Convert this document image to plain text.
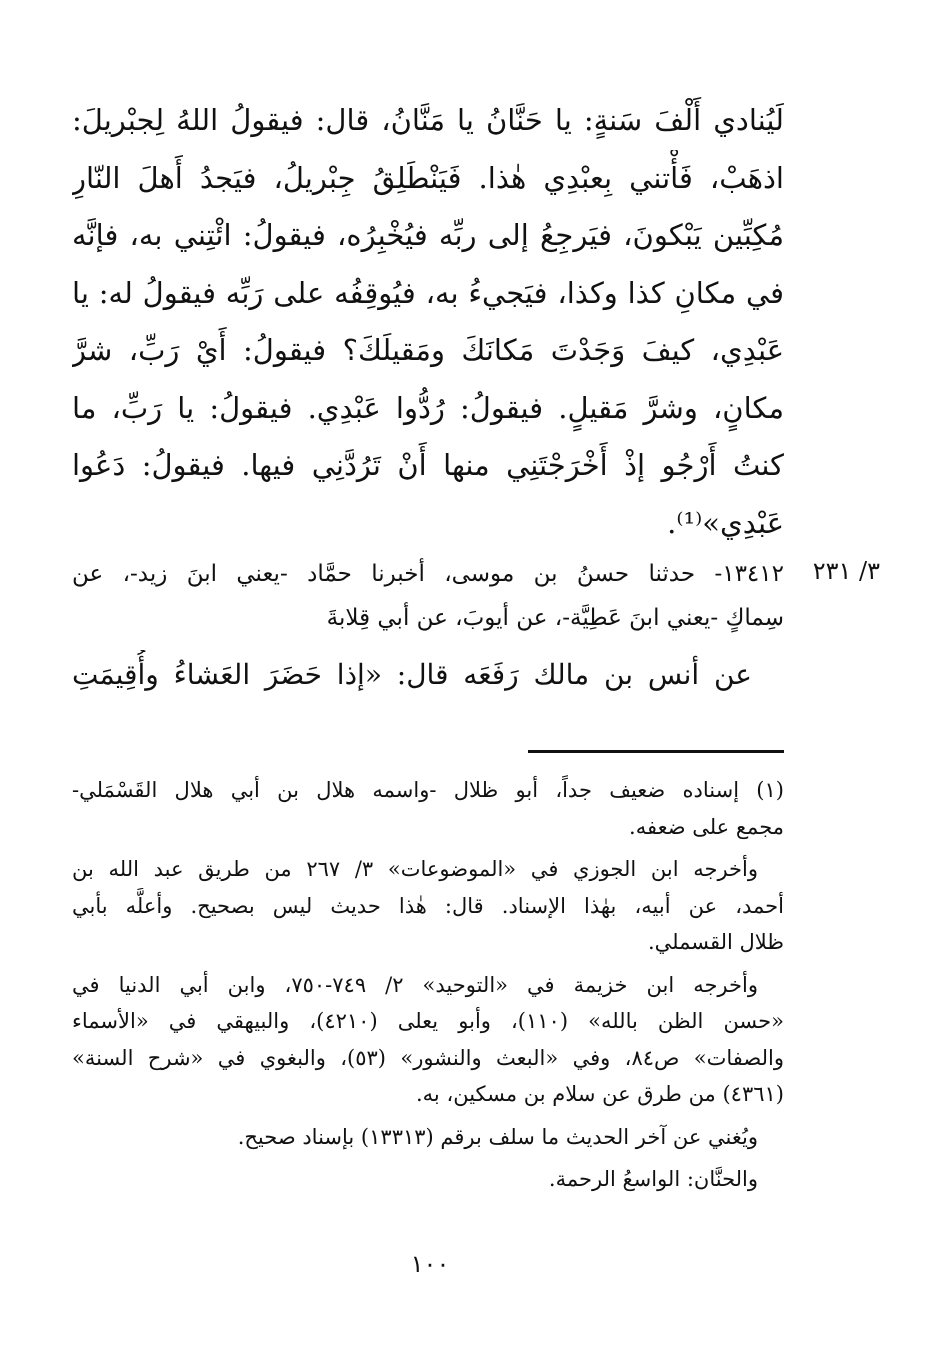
لَيُنادي أَلْفَ سَنةٍ: يا حَنَّانُ يا مَنَّانُ، قال: فيقولُ اللهُ لِجبْريلَ:
اذهَبْ، فَأْتني بِعبْدِي هٰذا. فَيَنْطَلِقُ جِبْريلُ، فيَجدُ أَهلَ النّارِ
مُكِبِّين يَبْكونَ، فيَرجِعُ إلى ربِّه فيُخْبِرُه، فيقولُ: ائْتِني به، فإنَّه
في مكانِ كذا وكذا، فيَجيءُ به، فيُوقِفُه على رَبِّه فيقولُ له: يا
عَبْدِي، كيفَ وَجَدْتَ مَكانَكَ ومَقيلَكَ؟ فيقولُ: أَيْ رَبِّ، شرَّ
مكانٍ، وشرَّ مَقيلٍ. فيقولُ: رُدُّوا عَبْدِي. فيقولُ: يا رَبِّ، ما
كنتُ أَرْجُو إذْ أَخْرَجْتَنِي منها أَنْ تَرُدَّنِي فيها. فيقولُ: دَعُوا
عَبْدِي»⁽¹⁾.
٣/ ٢٣١
١٣٤١٢- حدثنا حسنُ بن موسى، أخبرنا حمَّاد -يعني ابنَ زيد-، عن
سِماكٍ -يعني ابنَ عَطِيَّة-، عن أيوبَ، عن أبي قِلابةَ
عن أنس بن مالك رَفَعَه قال: «إذا حَضَرَ العَشاءُ وأُقِيمَتِ
(١) إسناده ضعيف جداً، أبو ظلال -واسمه هلال بن أبي هلال القَسْمَلي-
مجمع على ضعفه.
وأخرجه ابن الجوزي في «الموضوعات» ٣/ ٢٦٧ من طريق عبد الله بن
أحمد، عن أبيه، بهٰذا الإسناد. قال: هٰذا حديث ليس بصحيح. وأعلَّه بأبي
ظلال القسملي.
وأخرجه ابن خزيمة في «التوحيد» ٢/ ٧٤٩-٧٥٠، وابن أبي الدنيا في
«حسن الظن بالله» (١١٠)، وأبو يعلى (٤٢١٠)، والبيهقي في «الأسماء
والصفات» ص٨٤، وفي «البعث والنشور» (٥٣)، والبغوي في «شرح السنة»
(٤٣٦١) من طرق عن سلام بن مسكين، به.
ويُغني عن آخر الحديث ما سلف برقم (١٣٣١٣) بإسناد صحيح.
والحنَّان: الواسعُ الرحمة.
١٠٠
